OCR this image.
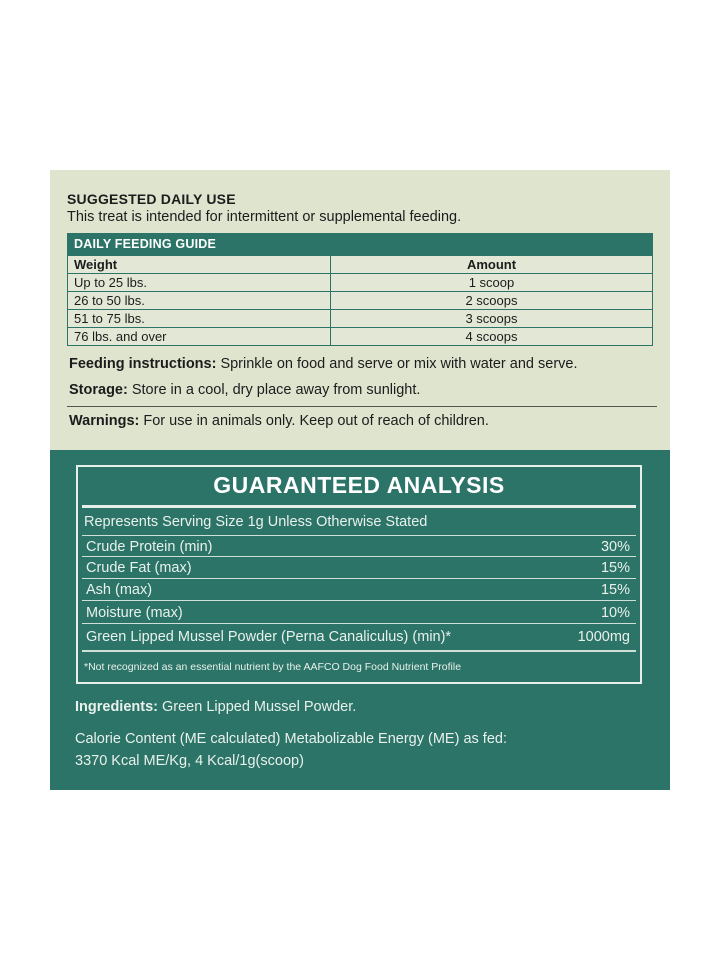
SUGGESTED DAILY USE
This treat is intended for intermittent or supplemental feeding.
DAILY FEEDING GUIDE
Weight	Amount
Up to 25 lbs.	1 scoop
26 to 50 lbs.	2 scoops
51 to 75 lbs.	3 scoops
76 lbs. and over	4 scoops
Feeding instructions: Sprinkle on food and serve or mix with water and serve.
Storage: Store in a cool, dry place away from sunlight.
Warnings: For use in animals only. Keep out of reach of children.
GUARANTEED ANALYSIS
Represents Serving Size 1g Unless Otherwise Stated
Crude Protein (min)	30%
Crude Fat (max)	15%
Ash (max)	15%
Moisture (max)	10%
Green Lipped Mussel Powder (Perna Canaliculus) (min)*	1000mg
*Not recognized as an essential nutrient by the AAFCO Dog Food Nutrient Profile
Ingredients: Green Lipped Mussel Powder.
Calorie Content (ME calculated) Metabolizable Energy (ME) as fed:
3370 Kcal ME/Kg, 4 Kcal/1g(scoop)
